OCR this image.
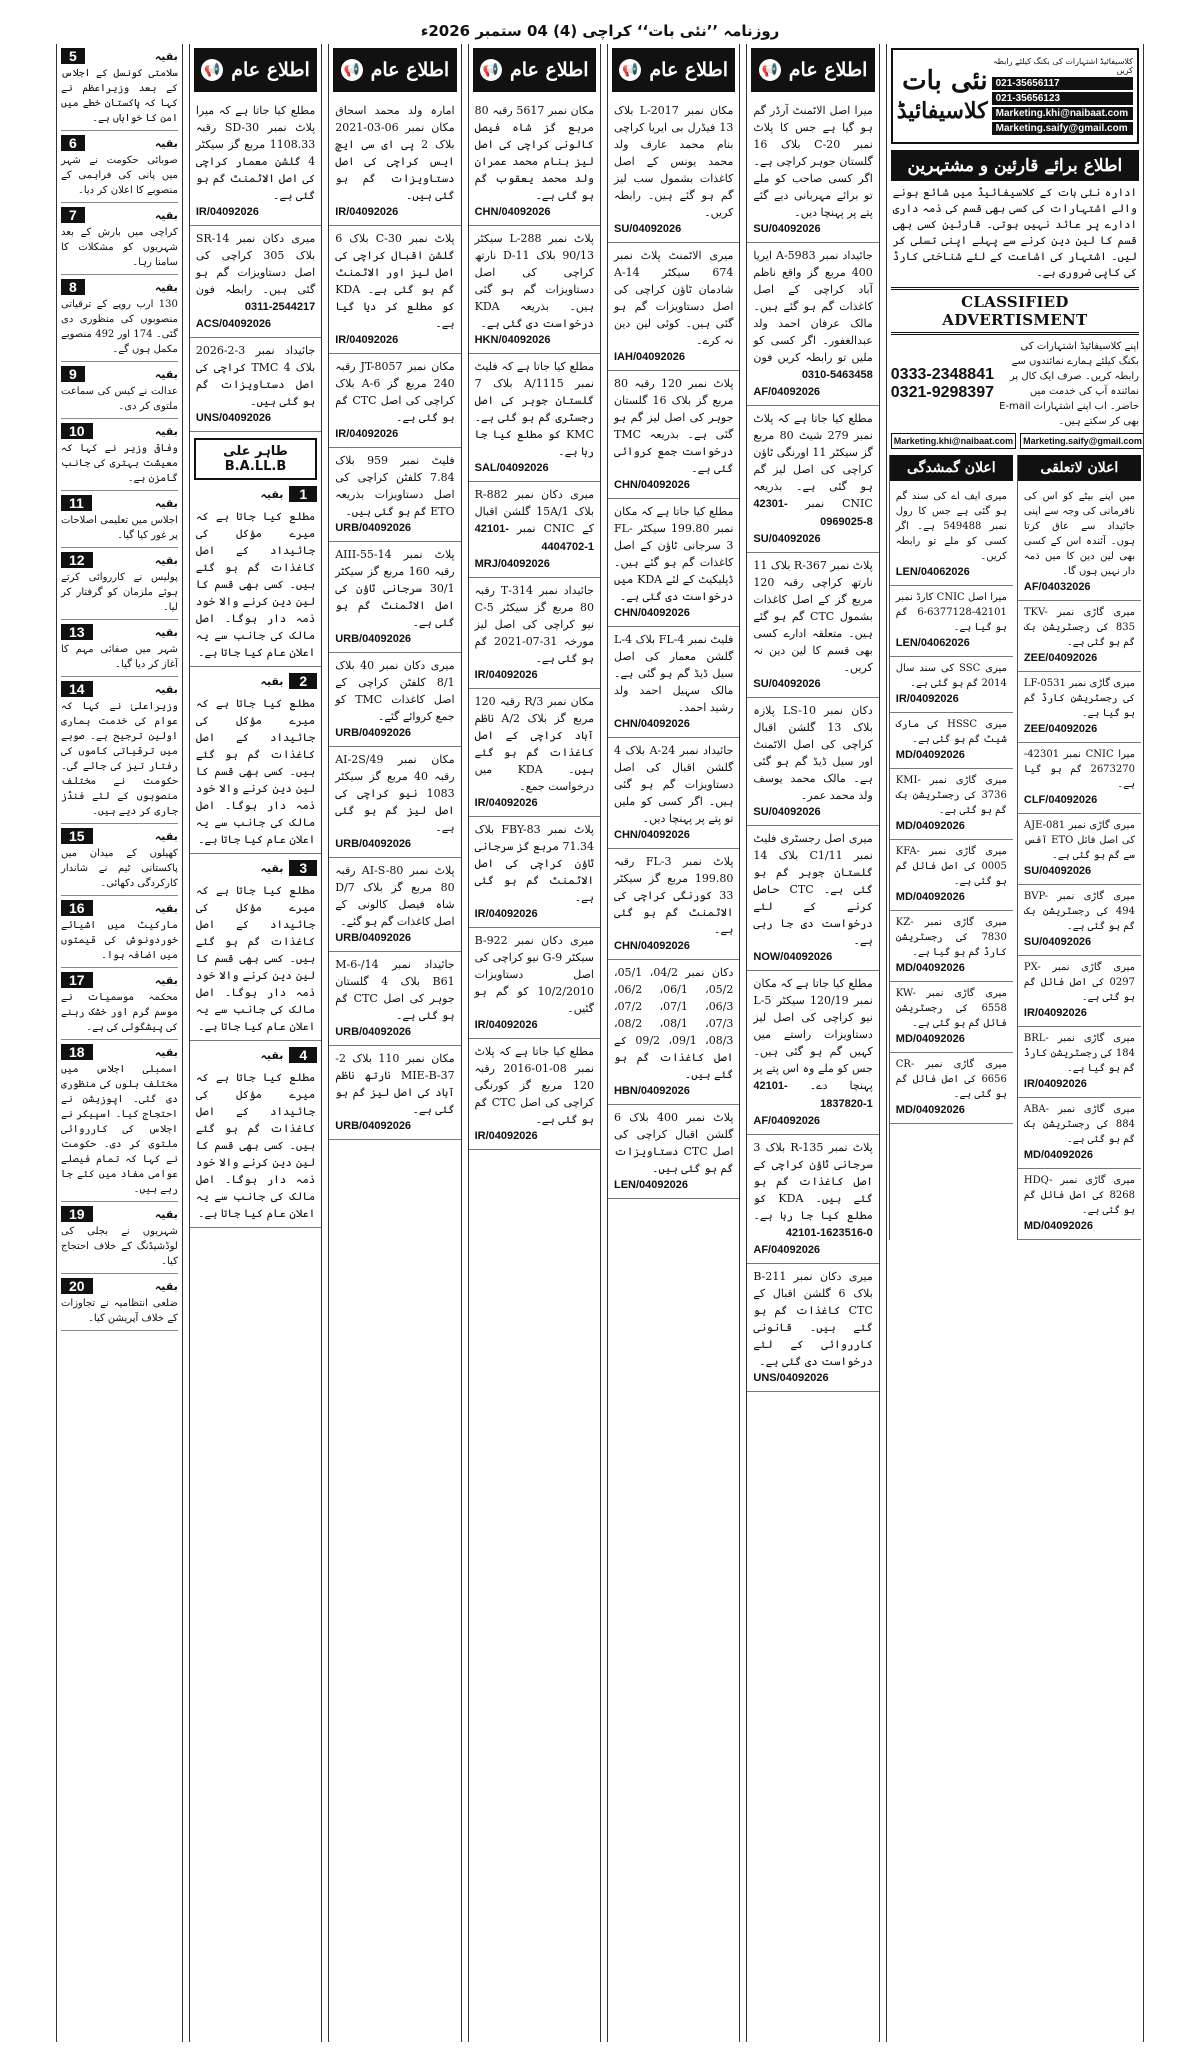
روزنامہ ’’نئی بات‘‘ کراچی (4) 04 ستمبر 2026ء
نئی بات
کلاسیفائیڈ
کلاسیفائیڈ اشتہارات کی بکنگ کیلئے رابطہ کریں
021-35656117
021-35656123
Marketing.khi@naibaat.com
Marketing.saify@gmail.com
اطلاع برائے قارئین و مشتہرین
ادارہ نئی بات کے کلاسیفائیڈ میں شائع ہونے والے اشتہارات کی کسی بھی قسم کی ذمہ داری ادارے پر عائد نہیں ہوتی۔ قارئین کسی بھی قسم کا لین دین کرنے سے پہلے اپنی تسلی کر لیں۔ اشتہار کی اشاعت کے لئے شناختی کارڈ کی کاپی ضروری ہے۔
CLASSIFIED ADVERTISMENT
0333-2348841
0321-9298397
اپنے کلاسیفائیڈ اشتہارات کی بکنگ کیلئے ہمارے نمائندوں سے رابطہ کریں۔ صرف ایک کال پر نمائندہ آپ کی خدمت میں حاضر۔ اب اپنے اشتہارات E-mail بھی کر سکتے ہیں۔
Marketing.khi@naibaat.com	Marketing.saify@gmail.com
اعلان لاتعلقی
میں اپنے بیٹے کو اس کی نافرمانی کی وجہ سے اپنی جائیداد سے عاق کرتا ہوں۔ آئندہ اس کے کسی بھی لین دین کا میں ذمہ دار نہیں ہوں گا۔
AF/04032026
میری گاڑی نمبر TKV-835 کی رجسٹریشن بک گم ہو گئی ہے۔
ZEE/04092026
میری گاڑی نمبر LF-0531 کی رجسٹریشن کارڈ گم ہو گیا ہے۔
ZEE/04092026
میرا CNIC نمبر 42301-2673270 گم ہو گیا ہے۔
CLF/04092026
میری گاڑی نمبر AJE-081 کی اصل فائل ETO آفس سے گم ہو گئی ہے۔
SU/04092026
میری گاڑی نمبر BVP-494 کی رجسٹریشن بک گم ہو گئی ہے۔
SU/04092026
میری گاڑی نمبر PX-0297 کی اصل فائل گم ہو گئی ہے۔
IR/04092026
میری گاڑی نمبر BRL-184 کی رجسٹریشن کارڈ گم ہو گیا ہے۔
IR/04092026
میری گاڑی نمبر ABA-884 کی رجسٹریشن بک گم ہو گئی ہے۔
MD/04092026
میری گاڑی نمبر HDQ-8268 کی اصل فائل گم ہو گئی ہے۔
MD/04092026
اعلان گمشدگی
میری ایف اے کی سند گم ہو گئی ہے جس کا رول نمبر 549488 ہے۔ اگر کسی کو ملے تو رابطہ کریں۔
LEN/04062026
میرا اصل CNIC کارڈ نمبر 42101-6377128-6 گم ہو گیا ہے۔
LEN/04062026
میری SSC کی سند سال 2014 گم ہو گئی ہے۔
IR/04092026
میری HSSC کی مارک شیٹ گم ہو گئی ہے۔
MD/04092026
میری گاڑی نمبر KMI-3736 کی رجسٹریشن بک گم ہو گئی ہے۔
MD/04092026
میری گاڑی نمبر KFA-0005 کی اصل فائل گم ہو گئی ہے۔
MD/04092026
میری گاڑی نمبر KZ-7830 کی رجسٹریشن کارڈ گم ہو گیا ہے۔
MD/04092026
میری گاڑی نمبر KW-6558 کی رجسٹریشن فائل گم ہو گئی ہے۔
MD/04092026
میری گاڑی نمبر CR-6656 کی اصل فائل گم ہو گئی ہے۔
MD/04092026
📢 اطلاع عام
میرا اصل الاٹمنٹ آرڈر گم ہو گیا ہے جس کا پلاٹ نمبر C-20 بلاک 16 گلستان جوہر کراچی ہے۔ اگر کسی صاحب کو ملے تو برائے مہربانی دیے گئے پتے پر پہنچا دیں۔
SU/04092026
جائیداد نمبر 5983-A ایریا 400 مربع گز واقع ناظم آباد کراچی کے اصل کاغذات گم ہو گئے ہیں۔ مالک عرفان احمد ولد عبدالغفور۔ اگر کسی کو ملیں تو رابطہ کریں فون 0310-5463458
AF/04092026
مطلع کیا جاتا ہے کہ پلاٹ نمبر 279 شیٹ 80 مربع گز سیکٹر 11 اورنگی ٹاؤن کراچی کی اصل لیز گم ہو گئی ہے۔ بذریعہ CNIC نمبر 42301-0969025-8
SU/04092026
پلاٹ نمبر R-367 بلاک 11 نارتھ کراچی رقبہ 120 مربع گز کے اصل کاغذات بشمول CTC گم ہو گئے ہیں۔ متعلقہ ادارے کسی بھی قسم کا لین دین نہ کریں۔
SU/04092026
دکان نمبر LS-10 پلازہ بلاک 13 گلشن اقبال کراچی کی اصل الاٹمنٹ اور سیل ڈیڈ گم ہو گئی ہے۔ مالک محمد یوسف ولد محمد عمر۔
SU/04092026
میری اصل رجسٹری فلیٹ نمبر 11/C1 بلاک 14 گلستان جوہر گم ہو گئی ہے۔ CTC حاصل کرنے کے لئے درخواست دی جا رہی ہے۔
NOW/04092026
مطلع کیا جاتا ہے کہ مکان نمبر 120/19 سیکٹر 5-L نیو کراچی کی اصل لیز دستاویزات راستے میں کہیں گم ہو گئی ہیں۔ جس کو ملے وہ اس پتے پر پہنچا دے۔ 42101-1837820-1
AF/04092026
پلاٹ نمبر R-135 بلاک 3 سرجانی ٹاؤن کراچی کے اصل کاغذات گم ہو گئے ہیں۔ KDA کو مطلع کیا جا رہا ہے۔ 42101-1623516-0
AF/04092026
میری دکان نمبر B-211 بلاک 6 گلشن اقبال کے CTC کاغذات گم ہو گئے ہیں۔ قانونی کارروائی کے لئے درخواست دی گئی ہے۔
UNS/04092026
📢 اطلاع عام
مکان نمبر L-2017 بلاک 13 فیڈرل بی ایریا کراچی بنام محمد عارف ولد محمد یونس کے اصل کاغذات بشمول سب لیز گم ہو گئے ہیں۔ رابطہ کریں۔
SU/04092026
میری الاٹمنٹ پلاٹ نمبر 674 سیکٹر 14-A شادمان ٹاؤن کراچی کی اصل دستاویزات گم ہو گئی ہیں۔ کوئی لین دین نہ کرے۔
IAH/04092026
پلاٹ نمبر 120 رقبہ 80 مربع گز بلاک 16 گلستان جوہر کی اصل لیز گم ہو گئی ہے۔ بذریعہ TMC درخواست جمع کروائی گئی ہے۔
CHN/04092026
مطلع کیا جاتا ہے کہ مکان نمبر 199.80 سیکٹر FL-3 سرجانی ٹاؤن کے اصل کاغذات گم ہو گئے ہیں۔ ڈپلیکیٹ کے لئے KDA میں درخواست دی گئی ہے۔
CHN/04092026
فلیٹ نمبر FL-4 بلاک L-4 گلشن معمار کی اصل سیل ڈیڈ گم ہو گئی ہے۔ مالک سہیل احمد ولد رشید احمد۔
CHN/04092026
جائیداد نمبر 24-A بلاک 4 گلشن اقبال کی اصل دستاویزات گم ہو گئی ہیں۔ اگر کسی کو ملیں تو پتے پر پہنچا دیں۔
CHN/04092026
پلاٹ نمبر FL-3 رقبہ 199.80 مربع گز سیکٹر 33 کورنگی کراچی کی الاٹمنٹ گم ہو گئی ہے۔
CHN/04092026
دکان نمبر 04/2، 05/1، 05/2، 06/1، 06/2، 06/3، 07/1، 07/2، 07/3، 08/1، 08/2، 08/3، 09/1، 09/2 کے اصل کاغذات گم ہو گئے ہیں۔
HBN/04092026
پلاٹ نمبر 400 بلاک 6 گلشن اقبال کراچی کی اصل CTC دستاویزات گم ہو گئی ہیں۔
LEN/04092026
📢 اطلاع عام
مکان نمبر 5617 رقبہ 80 مربع گز شاہ فیصل کالونی کراچی کی اصل لیز بنام محمد عمران ولد محمد یعقوب گم ہو گئی ہے۔
CHN/04092026
پلاٹ نمبر L-288 سیکٹر 90/13 بلاک 11-D نارتھ کراچی کی اصل دستاویزات گم ہو گئی ہیں۔ بذریعہ KDA درخواست دی گئی ہے۔
HKN/04092026
مطلع کیا جاتا ہے کہ فلیٹ نمبر 1115/A بلاک 7 گلستان جوہر کی اصل رجسٹری گم ہو گئی ہے۔ KMC کو مطلع کیا جا رہا ہے۔
SAL/04092026
میری دکان نمبر R-882 بلاک 15A/1 گلشن اقبال کے CNIC نمبر 42101-4404702-1
MRJ/04092026
جائیداد نمبر 314-T رقبہ 80 مربع گز سیکٹر 5-C نیو کراچی کی اصل لیز مورخہ 31-07-2021 گم ہو گئی ہے۔
IR/04092026
مکان نمبر R/3 رقبہ 120 مربع گز بلاک A/2 ناظم آباد کراچی کے اصل کاغذات گم ہو گئے ہیں۔ KDA میں درخواست جمع۔
IR/04092026
پلاٹ نمبر FBY-83 بلاک 71.34 مربع گز سرجانی ٹاؤن کراچی کی اصل الاٹمنٹ گم ہو گئی ہے۔
IR/04092026
میری دکان نمبر B-922 سیکٹر G-9 نیو کراچی کی اصل دستاویزات 10/2/2010 کو گم ہو گئیں۔
IR/04092026
مطلع کیا جاتا ہے کہ پلاٹ نمبر 08-01-2016 رقبہ 120 مربع گز کورنگی کراچی کی اصل CTC گم ہو گئی ہے۔
IR/04092026
📢 اطلاع عام
امارہ ولد محمد اسحاق مکان نمبر 06-03-2021 بلاک 2 پی ای سی ایچ ایس کراچی کی اصل دستاویزات گم ہو گئی ہیں۔
IR/04092026
پلاٹ نمبر 30-C بلاک 6 گلشن اقبال کراچی کی اصل لیز اور الاٹمنٹ گم ہو گئی ہے۔ KDA کو مطلع کر دیا گیا ہے۔
IR/04092026
مکان نمبر JT-8057 رقبہ 240 مربع گز A-6 بلاک کراچی کی اصل CTC گم ہو گئی ہے۔
IR/04092026
فلیٹ نمبر 959 بلاک 7.84 کلفٹن کراچی کی اصل دستاویزات بذریعہ ETO گم ہو گئی ہیں۔
URB/04092026
پلاٹ نمبر AIII-55-14 رقبہ 160 مربع گز سیکٹر 30/1 سرجانی ٹاؤن کی اصل الاٹمنٹ گم ہو گئی ہے۔
URB/04092026
میری دکان نمبر 40 بلاک 8/1 کلفٹن کراچی کے اصل کاغذات TMC کو جمع کروائے گئے۔
URB/04092026
مکان نمبر AI-2S/49 رقبہ 40 مربع گز سیکٹر 1083 نیو کراچی کی اصل لیز گم ہو گئی ہے۔
URB/04092026
پلاٹ نمبر AI-S-80 رقبہ 80 مربع گز بلاک D/7 شاہ فیصل کالونی کے اصل کاغذات گم ہو گئے۔
URB/04092026
جائیداد نمبر 14/M-6-B61 بلاک 4 گلستان جوہر کی اصل CTC گم ہو گئی ہے۔
URB/04092026
مکان نمبر 110 بلاک 2-MIE-B-37 نارتھ ناظم آباد کی اصل لیز گم ہو گئی ہے۔
URB/04092026
📢 اطلاع عام
مطلع کیا جاتا ہے کہ میرا پلاٹ نمبر SD-30 رقبہ 1108.33 مربع گز سیکٹر 4 گلشن معمار کراچی کی اصل الاٹمنٹ گم ہو گئی ہے۔
IR/04092026
میری دکان نمبر SR-14 بلاک 305 کراچی کی اصل دستاویزات گم ہو گئی ہیں۔ رابطہ فون 0311-2544217
ACS/04092026
جائیداد نمبر 3-2-2026 بلاک 4 TMC کراچی کی اصل دستاویزات گم ہو گئی ہیں۔
UNS/04092026
طاہر علی B.A.LL.B
1
بقیہ
مطلع کیا جاتا ہے کہ میرے مؤکل کی جائیداد کے اصل کاغذات گم ہو گئے ہیں۔ کسی بھی قسم کا لین دین کرنے والا خود ذمہ دار ہوگا۔ اصل مالک کی جانب سے یہ اعلان عام کیا جاتا ہے۔
2
بقیہ
مطلع کیا جاتا ہے کہ میرے مؤکل کی جائیداد کے اصل کاغذات گم ہو گئے ہیں۔ کسی بھی قسم کا لین دین کرنے والا خود ذمہ دار ہوگا۔ اصل مالک کی جانب سے یہ اعلان عام کیا جاتا ہے۔
3
بقیہ
مطلع کیا جاتا ہے کہ میرے مؤکل کی جائیداد کے اصل کاغذات گم ہو گئے ہیں۔ کسی بھی قسم کا لین دین کرنے والا خود ذمہ دار ہوگا۔ اصل مالک کی جانب سے یہ اعلان عام کیا جاتا ہے۔
4
بقیہ
مطلع کیا جاتا ہے کہ میرے مؤکل کی جائیداد کے اصل کاغذات گم ہو گئے ہیں۔ کسی بھی قسم کا لین دین کرنے والا خود ذمہ دار ہوگا۔ اصل مالک کی جانب سے یہ اعلان عام کیا جاتا ہے۔
بقیہ
5
سلامتی کونسل کے اجلاس کے بعد وزیراعظم نے کہا کہ پاکستان خطے میں امن کا خواہاں ہے۔
بقیہ
6
صوبائی حکومت نے شہر میں پانی کی فراہمی کے منصوبے کا اعلان کر دیا۔
بقیہ
7
کراچی میں بارش کے بعد شہریوں کو مشکلات کا سامنا رہا۔
بقیہ
8
130 ارب روپے کے ترقیاتی منصوبوں کی منظوری دی گئی۔ 174 اور 492 منصوبے مکمل ہوں گے۔
بقیہ
9
عدالت نے کیس کی سماعت ملتوی کر دی۔
بقیہ
10
وفاقی وزیر نے کہا کہ معیشت بہتری کی جانب گامزن ہے۔
بقیہ
11
اجلاس میں تعلیمی اصلاحات پر غور کیا گیا۔
بقیہ
12
پولیس نے کارروائی کرتے ہوئے ملزمان کو گرفتار کر لیا۔
بقیہ
13
شہر میں صفائی مہم کا آغاز کر دیا گیا۔
بقیہ
14
وزیراعلیٰ نے کہا کہ عوام کی خدمت ہماری اولین ترجیح ہے۔ صوبے میں ترقیاتی کاموں کی رفتار تیز کی جائے گی۔ حکومت نے مختلف منصوبوں کے لئے فنڈز جاری کر دیے ہیں۔
بقیہ
15
کھیلوں کے میدان میں پاکستانی ٹیم نے شاندار کارکردگی دکھائی۔
بقیہ
16
مارکیٹ میں اشیائے خوردونوش کی قیمتوں میں اضافہ ہوا۔
بقیہ
17
محکمہ موسمیات نے موسم گرم اور خشک رہنے کی پیشگوئی کی ہے۔
بقیہ
18
اسمبلی اجلاس میں مختلف بلوں کی منظوری دی گئی۔ اپوزیشن نے احتجاج کیا۔ اسپیکر نے اجلاس کی کارروائی ملتوی کر دی۔ حکومت نے کہا کہ تمام فیصلے عوامی مفاد میں کئے جا رہے ہیں۔
بقیہ
19
شہریوں نے بجلی کی لوڈشیڈنگ کے خلاف احتجاج کیا۔
بقیہ
20
ضلعی انتظامیہ نے تجاوزات کے خلاف آپریشن کیا۔
